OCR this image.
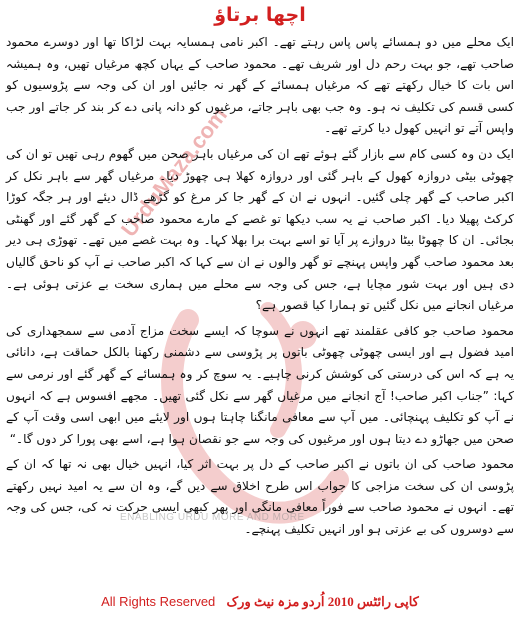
اچھا برتاؤ

ایک محلے میں دو ہمسائے پاس پاس رہتے تھے۔ اکبر نامی ہمسایہ بہت لڑاکا تھا اور دوسرے محمود صاحب تھے، جو بہت رحم دل اور شریف تھے۔ محمود صاحب کے یہاں کچھ مرغیاں تھیں، وہ ہمیشہ اس بات کا خیال رکھتے تھے کہ مرغیاں ہمسائے کے گھر نہ جائیں اور ان کی وجہ سے پڑوسیوں کو کسی قسم کی تکلیف نہ ہو۔ وہ جب بھی باہر جاتے، مرغیوں کو دانہ پانی دے کر بند کر جاتے اور جب واپس آتے تو انہیں کھول دیا کرتے تھے۔

ایک دن وہ کسی کام سے بازار گئے ہوئے تھے ان کی مرغیاں باہر صحن میں گھوم رہی تھیں تو ان کی چھوٹی بیٹی دروازہ کھول کے باہر گئی اور دروازہ کھلا ہی چھوڑ دیا۔ مرغیاں گھر سے باہر نکل کر اکبر صاحب کے گھر چلی گئیں۔ انہوں نے ان کے گھر جا کر مرغ کو گڑھے ڈال دیئے اور ہر جگہ کوڑا کرکٹ پھیلا دیا۔ اکبر صاحب نے یہ سب دیکھا تو غصے کے مارے محمود صاحب کے گھر گئے اور گھنٹی بجائی۔ ان کا چھوٹا بیٹا دروازے پر آیا تو اسے بہت برا بھلا کہا۔ وہ بہت غصے میں تھے۔ تھوڑی ہی دیر بعد محمود صاحب گھر واپس پہنچے تو گھر والوں نے ان سے کہا کہ اکبر صاحب نے آپ کو ناحق گالیاں دی ہیں اور بہت شور مچایا ہے، جس کی وجہ سے محلے میں ہماری سخت بے عزتی ہوئی ہے۔ مرغیاں انجانے میں نکل گئیں تو ہمارا کیا قصور ہے؟

محمود صاحب جو کافی عقلمند تھے انہوں نے سوچا کہ ایسے سخت مزاج آدمی سے سمجھداری کی امید فضول ہے اور ایسی چھوٹی چھوٹی باتوں پر پڑوسی سے دشمنی رکھنا بالکل حماقت ہے، دانائی یہ ہے کہ اس کی درستی کی کوشش کرنی چاہیے۔ یہ سوچ کر وہ ہمسائے کے گھر گئے اور نرمی سے کہا: ”جناب اکبر صاحب! آج انجانے میں مرغیاں گھر سے نکل گئی تھیں۔ مجھے افسوس ہے کہ انہوں نے آپ کو تکلیف پہنچائی۔ میں آپ سے معافی مانگنا چاہتا ہوں اور لایئے میں ابھی اسی وقت آپ کے صحن میں جھاڑو دے دیتا ہوں اور مرغیوں کی وجہ سے جو نقصان ہوا ہے، اسے بھی پورا کر دوں گا۔“

محمود صاحب کی ان باتوں نے اکبر صاحب کے دل پر بہت اثر کیا، انہیں خیال بھی نہ تھا کہ ان کے پڑوسی ان کی سخت مزاجی کا جواب اس طرح اخلاق سے دیں گے، وہ ان سے یہ امید نہیں رکھتے تھے۔ انہوں نے محمود صاحب سے فوراً معافی مانگی اور پھر کبھی ایسی حرکت نہ کی، جس کی وجہ سے دوسروں کی بے عزتی ہو اور انہیں تکلیف پہنچے۔

UrduMaza.com
ENABLING URDU MORE AND MORE
کاپی رائٹس 2010 اُردو مزہ نیٹ ورک All Rights Reserved
